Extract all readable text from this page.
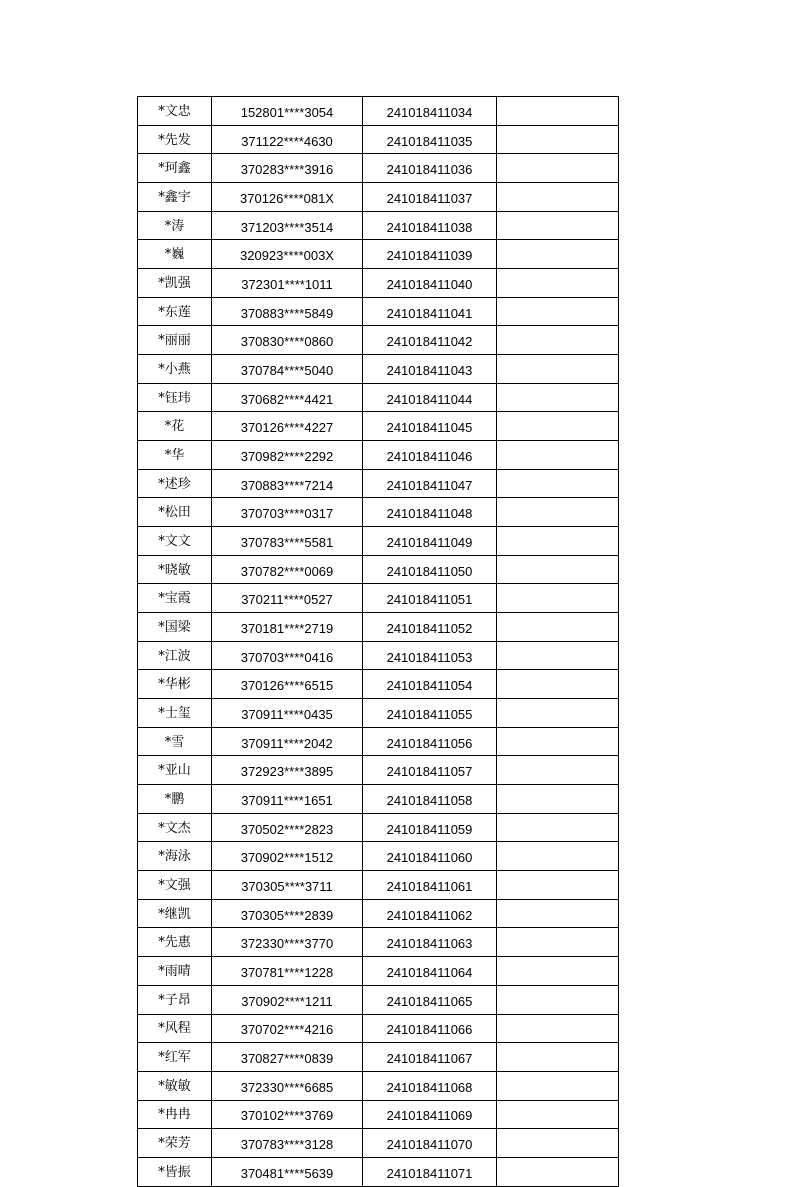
*文忠	152801****3054	241018411034	
*先发	371122****4630	241018411035	
*珂鑫	370283****3916	241018411036	
*鑫宇	370126****081X	241018411037	
*涛	371203****3514	241018411038	
*巍	320923****003X	241018411039	
*凯强	372301****1011	241018411040	
*东莲	370883****5849	241018411041	
*丽丽	370830****0860	241018411042	
*小燕	370784****5040	241018411043	
*钰玮	370682****4421	241018411044	
*花	370126****4227	241018411045	
*华	370982****2292	241018411046	
*述珍	370883****7214	241018411047	
*松田	370703****0317	241018411048	
*文文	370783****5581	241018411049	
*晓敏	370782****0069	241018411050	
*宝霞	370211****0527	241018411051	
*国梁	370181****2719	241018411052	
*江波	370703****0416	241018411053	
*华彬	370126****6515	241018411054	
*士玺	370911****0435	241018411055	
*雪	370911****2042	241018411056	
*亚山	372923****3895	241018411057	
*鹏	370911****1651	241018411058	
*文杰	370502****2823	241018411059	
*海泳	370902****1512	241018411060	
*文强	370305****3711	241018411061	
*继凯	370305****2839	241018411062	
*先惠	372330****3770	241018411063	
*雨晴	370781****1228	241018411064	
*子昂	370902****1211	241018411065	
*风程	370702****4216	241018411066	
*红军	370827****0839	241018411067	
*敏敏	372330****6685	241018411068	
*冉冉	370102****3769	241018411069	
*荣芳	370783****3128	241018411070	
*皆振	370481****5639	241018411071	
